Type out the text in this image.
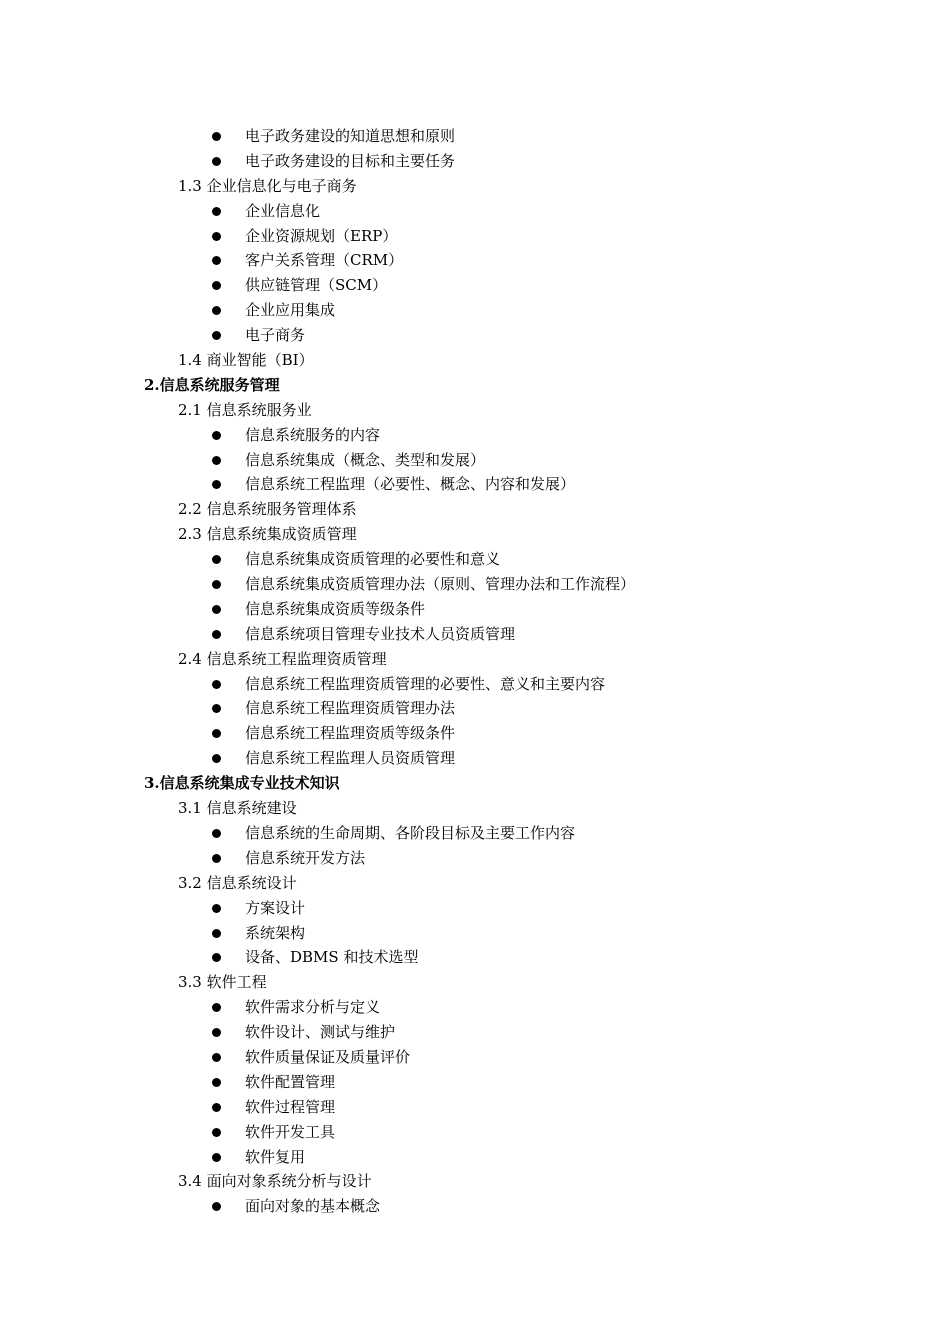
电子政务建设的知道思想和原则
电子政务建设的目标和主要任务
1.3 企业信息化与电子商务
企业信息化
企业资源规划（ERP）
客户关系管理（CRM）
供应链管理（SCM）
企业应用集成
电子商务
1.4 商业智能（BI）
2.信息系统服务管理
2.1 信息系统服务业
信息系统服务的内容
信息系统集成（概念、类型和发展）
信息系统工程监理（必要性、概念、内容和发展）
2.2 信息系统服务管理体系
2.3 信息系统集成资质管理
信息系统集成资质管理的必要性和意义
信息系统集成资质管理办法（原则、管理办法和工作流程）
信息系统集成资质等级条件
信息系统项目管理专业技术人员资质管理
2.4 信息系统工程监理资质管理
信息系统工程监理资质管理的必要性、意义和主要内容
信息系统工程监理资质管理办法
信息系统工程监理资质等级条件
信息系统工程监理人员资质管理
3.信息系统集成专业技术知识
3.1 信息系统建设
信息系统的生命周期、各阶段目标及主要工作内容
信息系统开发方法
3.2 信息系统设计
方案设计
系统架构
设备、DBMS 和技术选型
3.3 软件工程
软件需求分析与定义
软件设计、测试与维护
软件质量保证及质量评价
软件配置管理
软件过程管理
软件开发工具
软件复用
3.4 面向对象系统分析与设计
面向对象的基本概念
